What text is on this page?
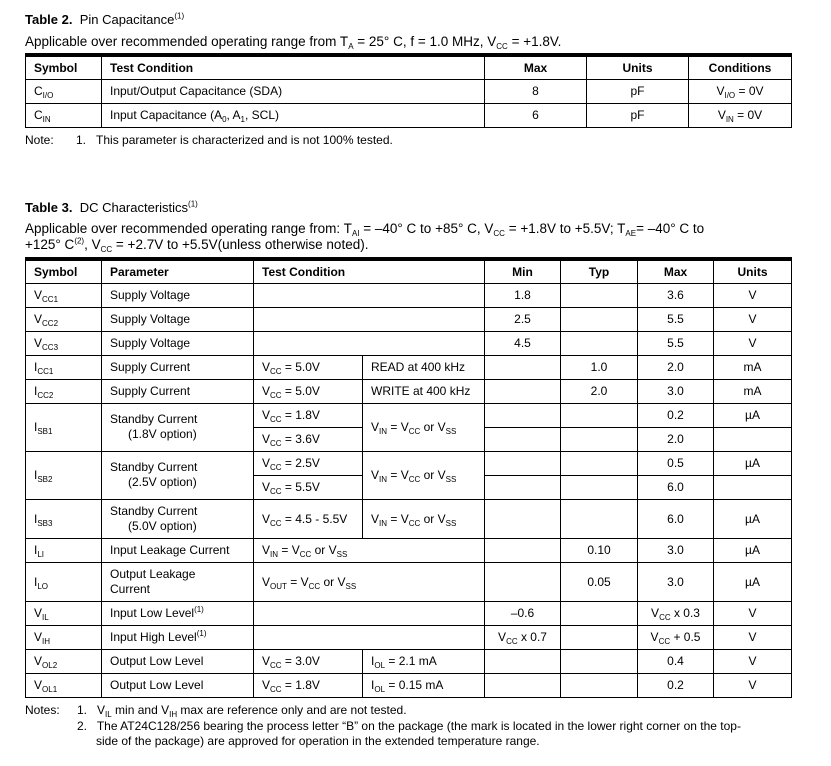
Table 2. Pin Capacitance$^{(1)}$
Applicable over recommended operating range from $T_A = 25^\circ$ C, f = 1.0 MHz, $V_{CC} = +1.8V$.
Symbol	Test Condition	Max	Units	Conditions
$C_{I/O}$	Input/Output Capacitance (SDA)	8	pF	$V_{I/O} = 0V$
$C_{IN}$	Input Capacitance ($A_0$, $A_1$, SCL)	6	pF	$V_{IN} = 0V$
Note: 1. This parameter is characterized and is not 100% tested.
Table 3. DC Characteristics$^{(1)}$
Applicable over recommended operating range from: $T_{AI} = -40^\circ$ C to +85° C, $V_{CC} = +1.8V$ to +5.5V; $T_{AE}= -40^\circ$ C to
+125° $C^{(2)}$, $V_{CC} = +2.7V$ to +5.5V(unless otherwise noted).
Symbol	Parameter	Test Condition		Min	Typ	Max	Units
$V_{CC1}$	Supply Voltage			1.8		3.6	V
$V_{CC2}$	Supply Voltage			2.5		5.5	V
$V_{CC3}$	Supply Voltage			4.5		5.5	V
$I_{CC1}$	Supply Current	$V_{CC} = 5.0V$	READ at 400 kHz		1.0	2.0	mA
$I_{CC2}$	Supply Current	$V_{CC} = 5.0V$	WRITE at 400 kHz		2.0	3.0	mA
$I_{SB1}$	Standby Current
(1.8V option)	$V_{CC} = 1.8V$	$V_{IN} = V_{CC}$ or $V_{SS}$			0.2	µA
		$V_{CC} = 3.6V$				2.0	
$I_{SB2}$	Standby Current
(2.5V option)	$V_{CC} = 2.5V$	$V_{IN} = V_{CC}$ or $V_{SS}$			0.5	µA
		$V_{CC} = 5.5V$				6.0	
$I_{SB3}$	Standby Current
(5.0V option)	$V_{CC} = 4.5 - 5.5V$	$V_{IN} = V_{CC}$ or $V_{SS}$			6.0	µA
$I_{LI}$	Input Leakage Current	$V_{IN} = V_{CC}$ or $V_{SS}$			0.10	3.0	µA
$I_{LO}$	Output Leakage
Current	$V_{OUT} = V_{CC}$ or $V_{SS}$			0.05	3.0	µA
$V_{IL}$	Input Low Level$^{(1)}$			–0.6		$V_{CC}$ x 0.3	V
$V_{IH}$	Input High Level$^{(1)}$			$V_{CC}$ x 0.7		$V_{CC} + 0.5$	V
$V_{OL2}$	Output Low Level	$V_{CC} = 3.0V$	$I_{OL} = 2.1$ mA			0.4	V
$V_{OL1}$	Output Low Level	$V_{CC} = 1.8V$	$I_{OL} = 0.15$ mA			0.2	V
Notes: 1. $V_{IL}$ min and $V_{IH}$ max are reference only and are not tested.
2. The AT24C128/256 bearing the process letter “B” on the package (the mark is located in the lower right corner on the top-
side of the package) are approved for operation in the extended temperature range.
